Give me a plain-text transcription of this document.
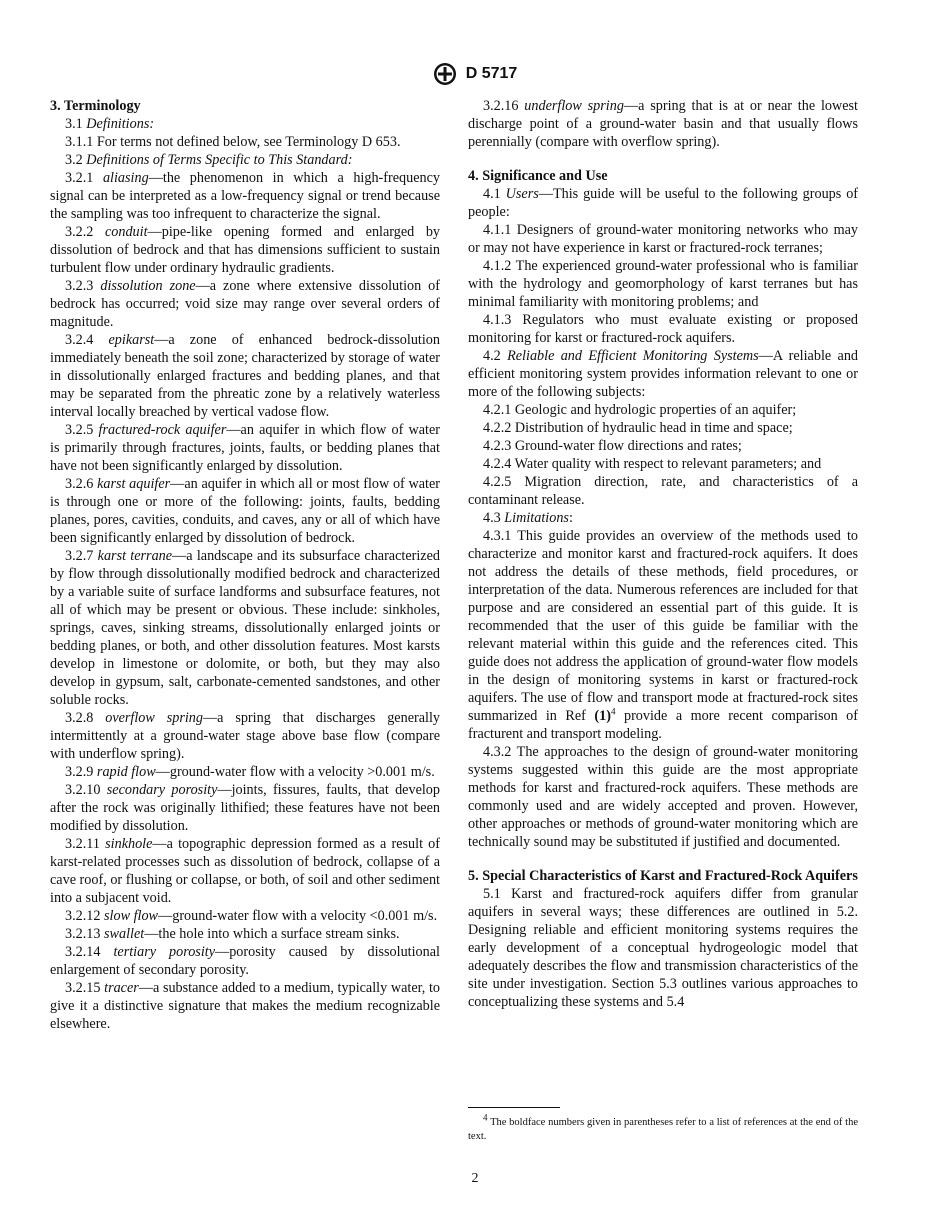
D 5717

3. Terminology

3.1 Definitions:

3.1.1 For terms not defined below, see Terminology D 653.

3.2 Definitions of Terms Specific to This Standard:

3.2.1 aliasing—the phenomenon in which a high-frequency signal can be interpreted as a low-frequency signal or trend because the sampling was too infrequent to characterize the signal.

3.2.2 conduit—pipe-like opening formed and enlarged by dissolution of bedrock and that has dimensions sufficient to sustain turbulent flow under ordinary hydraulic gradients.

3.2.3 dissolution zone—a zone where extensive dissolution of bedrock has occurred; void size may range over several orders of magnitude.

3.2.4 epikarst—a zone of enhanced bedrock-dissolution immediately beneath the soil zone; characterized by storage of water in dissolutionally enlarged fractures and bedding planes, and that may be separated from the phreatic zone by a relatively waterless interval locally breached by vertical vadose flow.

3.2.5 fractured-rock aquifer—an aquifer in which flow of water is primarily through fractures, joints, faults, or bedding planes that have not been significantly enlarged by dissolution.

3.2.6 karst aquifer—an aquifer in which all or most flow of water is through one or more of the following: joints, faults, bedding planes, pores, cavities, conduits, and caves, any or all of which have been significantly enlarged by dissolution of bedrock.

3.2.7 karst terrane—a landscape and its subsurface characterized by flow through dissolutionally modified bedrock and characterized by a variable suite of surface landforms and subsurface features, not all of which may be present or obvious. These include: sinkholes, springs, caves, sinking streams, dissolutionally enlarged joints or bedding planes, or both, and other dissolution features. Most karsts develop in limestone or dolomite, or both, but they may also develop in gypsum, salt, carbonate-cemented sandstones, and other soluble rocks.

3.2.8 overflow spring—a spring that discharges generally intermittently at a ground-water stage above base flow (compare with underflow spring).

3.2.9 rapid flow—ground-water flow with a velocity >0.001 m/s.

3.2.10 secondary porosity—joints, fissures, faults, that develop after the rock was originally lithified; these features have not been modified by dissolution.

3.2.11 sinkhole—a topographic depression formed as a result of karst-related processes such as dissolution of bedrock, collapse of a cave roof, or flushing or collapse, or both, of soil and other sediment into a subjacent void.

3.2.12 slow flow—ground-water flow with a velocity <0.001 m/s.

3.2.13 swallet—the hole into which a surface stream sinks.

3.2.14 tertiary porosity—porosity caused by dissolutional enlargement of secondary porosity.

3.2.15 tracer—a substance added to a medium, typically water, to give it a distinctive signature that makes the medium recognizable elsewhere.

3.2.16 underflow spring—a spring that is at or near the lowest discharge point of a ground-water basin and that usually flows perennially (compare with overflow spring).

4. Significance and Use

4.1 Users—This guide will be useful to the following groups of people:

4.1.1 Designers of ground-water monitoring networks who may or may not have experience in karst or fractured-rock terranes;

4.1.2 The experienced ground-water professional who is familiar with the hydrology and geomorphology of karst terranes but has minimal familiarity with monitoring problems; and

4.1.3 Regulators who must evaluate existing or proposed monitoring for karst or fractured-rock aquifers.

4.2 Reliable and Efficient Monitoring Systems—A reliable and efficient monitoring system provides information relevant to one or more of the following subjects:

4.2.1 Geologic and hydrologic properties of an aquifer;

4.2.2 Distribution of hydraulic head in time and space;

4.2.3 Ground-water flow directions and rates;

4.2.4 Water quality with respect to relevant parameters; and

4.2.5 Migration direction, rate, and characteristics of a contaminant release.

4.3 Limitations:

4.3.1 This guide provides an overview of the methods used to characterize and monitor karst and fractured-rock aquifers. It does not address the details of these methods, field procedures, or interpretation of the data. Numerous references are included for that purpose and are considered an essential part of this guide. It is recommended that the user of this guide be familiar with the relevant material within this guide and the references cited. This guide does not address the application of ground-water flow models in the design of monitoring systems in karst or fractured-rock aquifers. The use of flow and transport mode at fractured-rock sites summarized in Ref $(1)^4$ provide a more recent comparison of fracturent and transport modeling.

4.3.2 The approaches to the design of ground-water monitoring systems suggested within this guide are the most appropriate methods for karst and fractured-rock aquifers. These methods are commonly used and are widely accepted and proven. However, other approaches or methods of ground-water monitoring which are technically sound may be substituted if justified and documented.

5. Special Characteristics of Karst and Fractured-Rock Aquifers

5.1 Karst and fractured-rock aquifers differ from granular aquifers in several ways; these differences are outlined in 5.2. Designing reliable and efficient monitoring systems requires the early development of a conceptual hydrogeologic model that adequately describes the flow and transmission characteristics of the site under investigation. Section 5.3 outlines various approaches to conceptualizing these systems and 5.4

$^4$ The boldface numbers given in parentheses refer to a list of references at the end of the text.
2
